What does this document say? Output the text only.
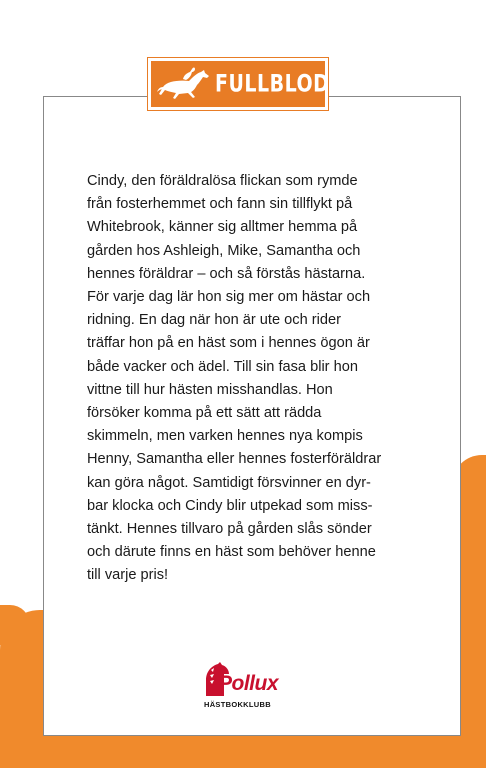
FULLBLOD

Cindy, den föräldralösa flickan som rymde
från fosterhemmet och fann sin tillflykt på
Whitebrook, känner sig alltmer hemma på
gården hos Ashleigh, Mike, Samantha och
hennes föräldrar – och så förstås hästarna.
För varje dag lär hon sig mer om hästar och
ridning. En dag när hon är ute och rider
träffar hon på en häst som i hennes ögon är
både vacker och ädel. Till sin fasa blir hon
vittne till hur hästen misshandlas. Hon
försöker komma på ett sätt att rädda
skimmeln, men varken hennes nya kompis
Henny, Samantha eller hennes fosterföräldrar
kan göra något. Samtidigt försvinner en dyr-
bar klocka och Cindy blir utpekad som miss-
tänkt. Hennes tillvaro på gården slås sönder
och därute finns en häst som behöver henne
till varje pris!

Pollux
HÄSTBOKKLUBB
